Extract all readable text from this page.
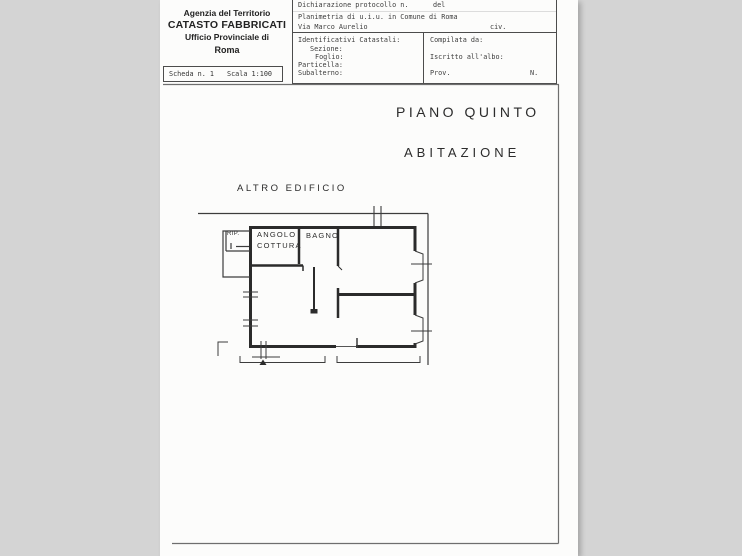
Agenzia del Territorio
CATASTO FABBRICATI
Ufficio Provinciale di
Roma
Scheda n. 1 Scala 1:100
Dichiarazione protocollo n.	del
Planimetria di u.i.u. in Comune di Roma
Via Marco Aurelio	civ.
Identificativi Catastali:
Sezione:
Foglio:
Particella:
Subalterno:
Compilata da:
Iscritto all'albo:
Prov.	N.
PIANO QUINTO
ABITAZIONE
ALTRO EDIFICIO
RIP. ANGOLO
COTTURA
BAGNO
